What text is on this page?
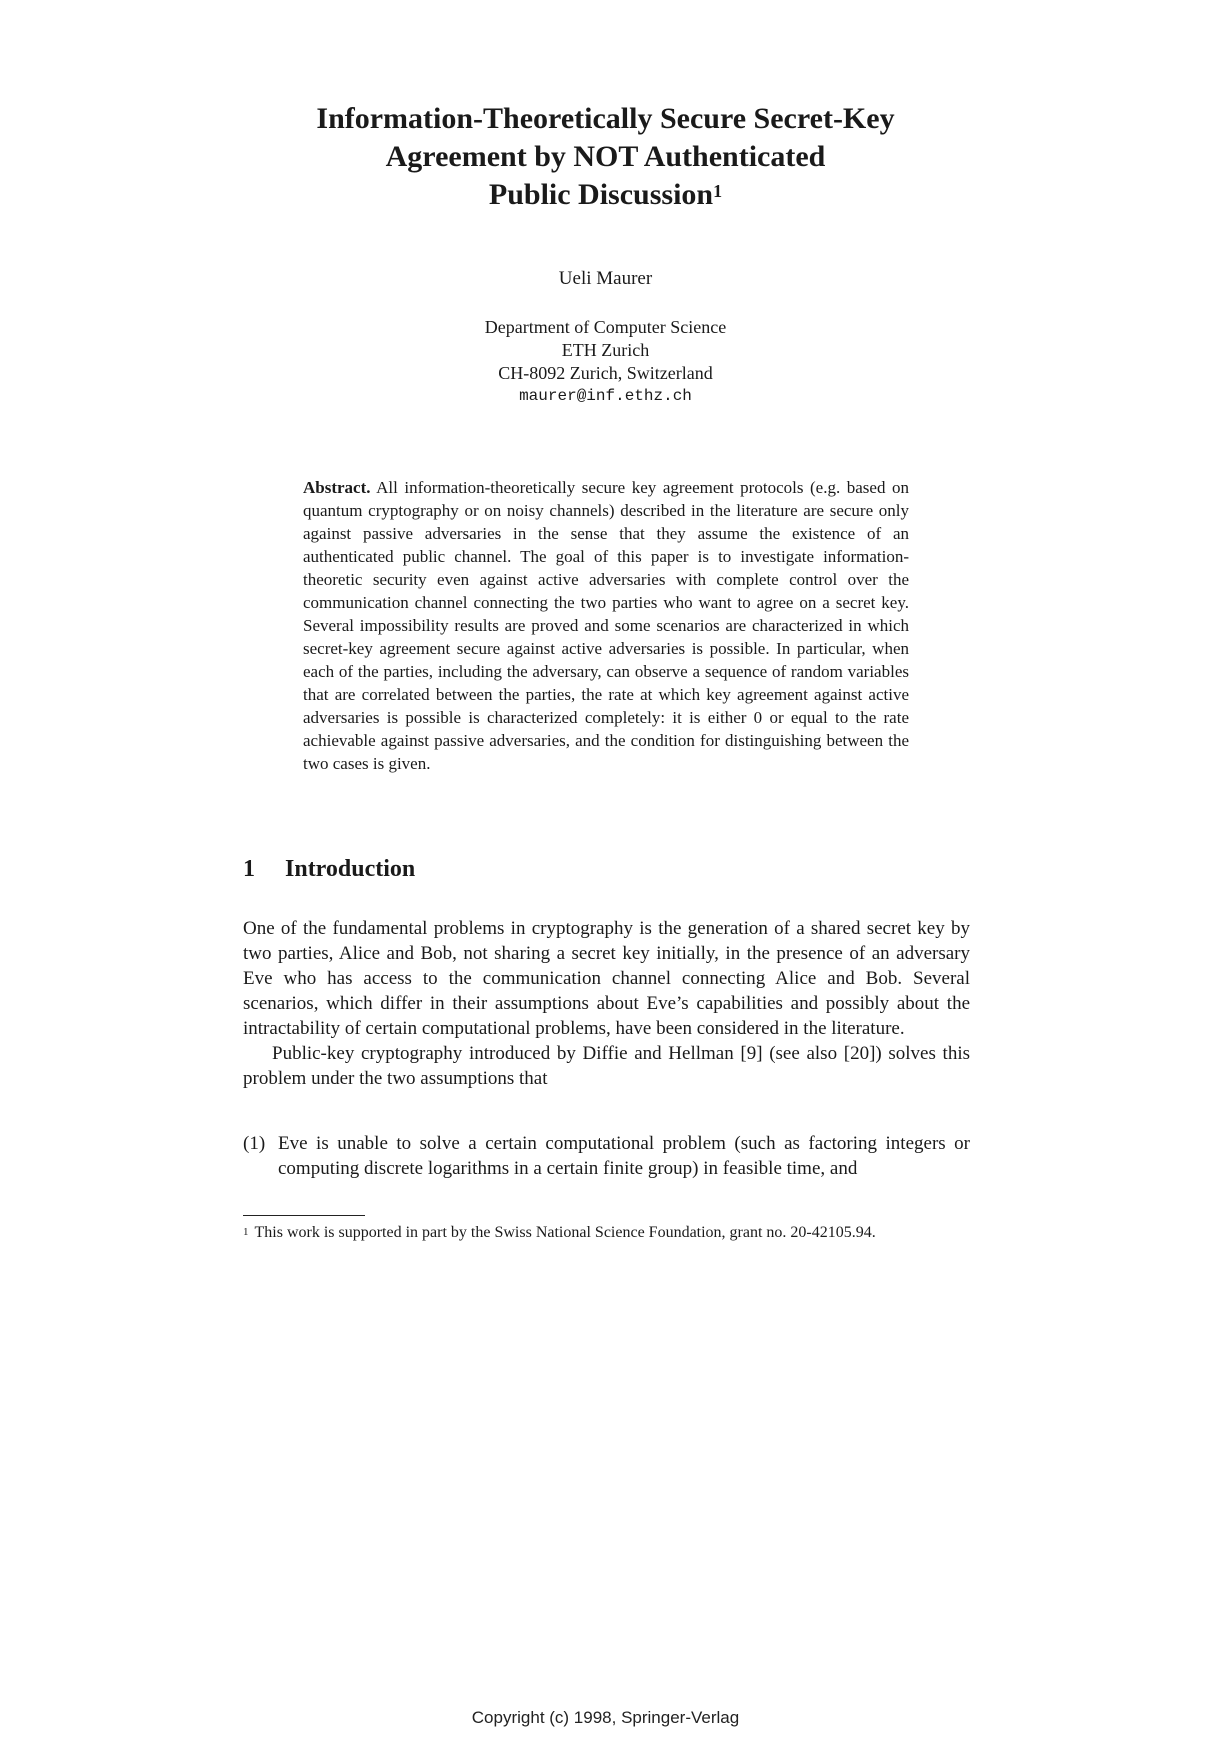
Information-Theoretically Secure Secret-Key
Agreement by NOT Authenticated
Public Discussion$^1$
Ueli Maurer
Department of Computer Science
ETH Zurich
CH-8092 Zurich, Switzerland
maurer@inf.ethz.ch
Abstract. All information-theoretically secure key agreement protocols (e.g. based on quantum cryptography or on noisy channels) described in the literature are secure only against passive adversaries in the sense that they assume the existence of an authenticated public channel. The goal of this paper is to investigate information-theoretic security even against active adversaries with complete control over the communication channel connecting the two parties who want to agree on a secret key. Several impossibility results are proved and some scenarios are characterized in which secret-key agreement secure against active adversaries is possible. In particular, when each of the parties, including the adversary, can observe a sequence of random variables that are correlated between the parties, the rate at which key agreement against active adversaries is possible is characterized completely: it is either 0 or equal to the rate achievable against passive adversaries, and the condition for distinguishing between the two cases is given.
1 Introduction

One of the fundamental problems in cryptography is the generation of a shared secret key by two parties, Alice and Bob, not sharing a secret key initially, in the presence of an adversary Eve who has access to the communication channel connecting Alice and Bob. Several scenarios, which differ in their assumptions about Eve’s capabilities and possibly about the intractability of certain computational problems, have been considered in the literature.

Public-key cryptography introduced by Diffie and Hellman [9] (see also [20]) solves this problem under the two assumptions that

(1) Eve is unable to solve a certain computational problem (such as factoring integers or computing discrete logarithms in a certain finite group) in feasible time, and
$^1$ This work is supported in part by the Swiss National Science Foundation, grant no. 20-42105.94.
Copyright (c) 1998, Springer-Verlag
